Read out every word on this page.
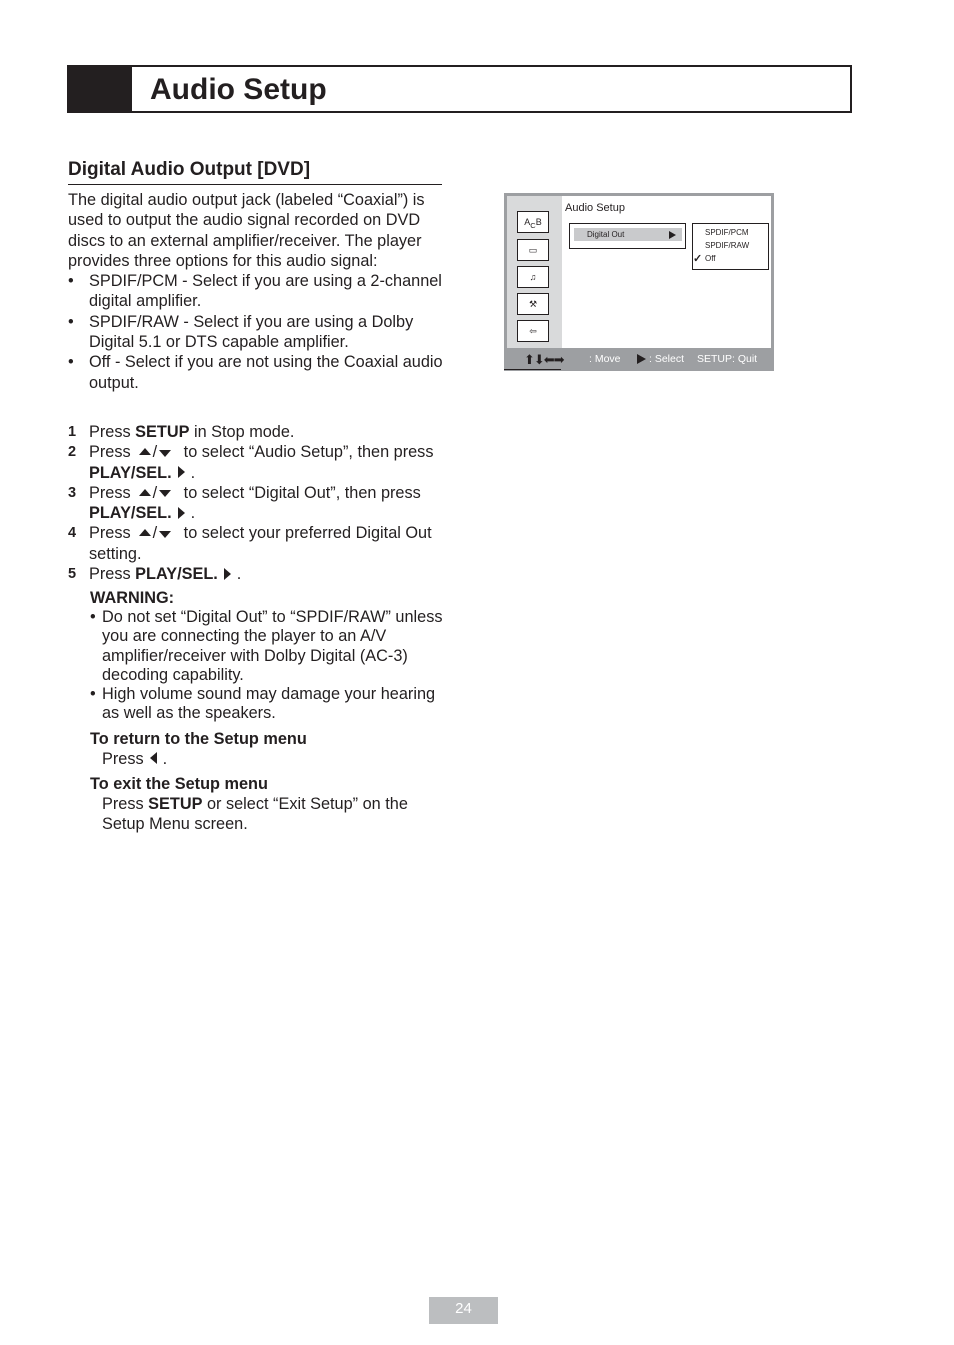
Audio Setup
Digital Audio Output [DVD]

The digital audio output jack (labeled “Coaxial”) is used to output the audio signal recorded on DVD discs to an external amplifier/receiver. The player provides three options for this audio signal:

• SPDIF/PCM - Select if you are using a 2-channel digital amplifier.
• SPDIF/RAW - Select if you are using a Dolby Digital 5.1 or DTS capable amplifier.
• Off - Select if you are not using the Coaxial audio output.
1 Press SETUP in Stop mode.
2 Press / to select “Audio Setup”, then press PLAY/SEL. .
3 Press / to select “Digital Out”, then press PLAY/SEL. .
4 Press / to select your preferred Digital Out setting.
5 Press PLAY/SEL. .
WARNING:
• Do not set “Digital Out” to “SPDIF/RAW” unless you are connecting the player to an A/V amplifier/receiver with Dolby Digital (AC-3) decoding capability.
• High volume sound may damage your hearing as well as the speakers.
To return to the Setup menu
Press .
To exit the Setup menu
Press SETUP or select “Exit Setup” on the Setup Menu screen.
$A_CB$
▭
♫
⚒
⇦
Audio Setup
Digital Out	SPDIF/PCM
SPDIF/RAW
✓ Off
⬆⬇⬅➡ : Move	: Select SETUP: Quit
24
